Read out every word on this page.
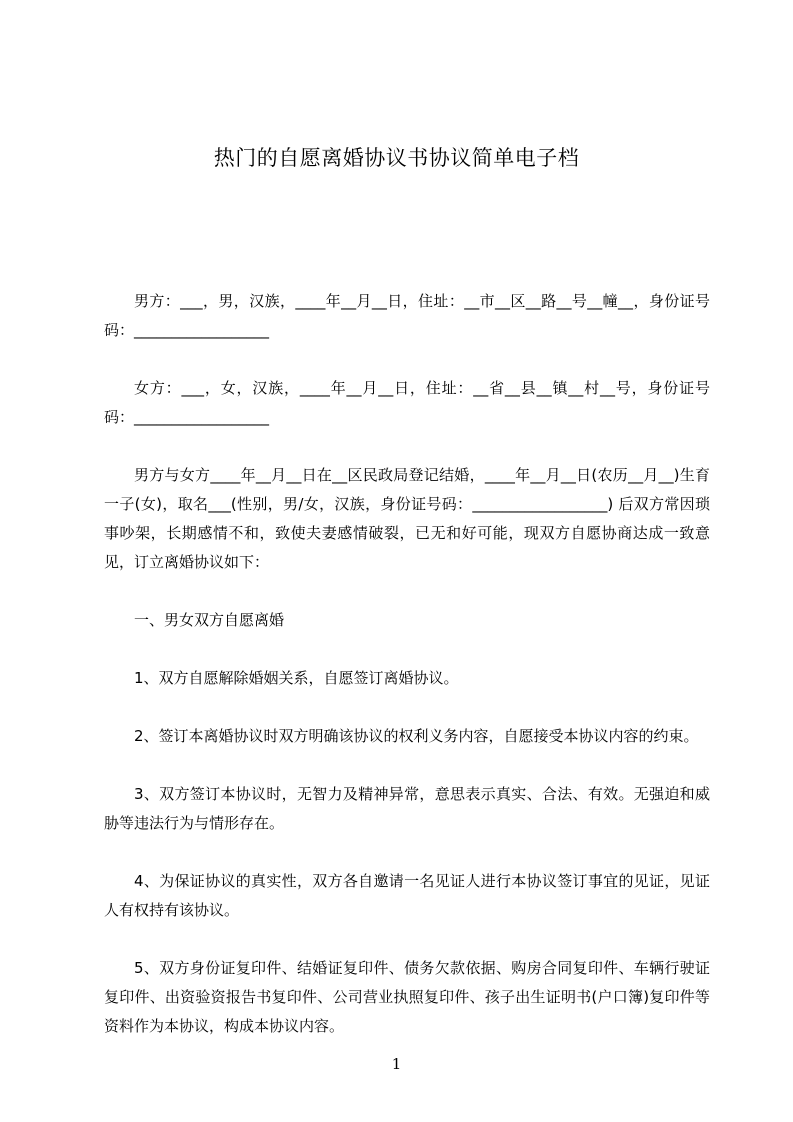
热门的自愿离婚协议书协议简单电子档

男方：___，男，汉族，____年__月__日，住址：__市__区__路__号__幢__，身份证号码：__________________

女方：___，女，汉族，____年__月__日，住址：__省__县__镇__村__号，身份证号码：__________________

男方与女方____年__月__日在__区民政局登记结婚，____年__月__日(农历__月__)生育一子(女)，取名___(性别，男/女，汉族，身份证号码：__________________) 后双方常因琐事吵架，长期感情不和，致使夫妻感情破裂，已无和好可能，现双方自愿协商达成一致意见，订立离婚协议如下：

一、男女双方自愿离婚

1、双方自愿解除婚姻关系，自愿签订离婚协议。

2、签订本离婚协议时双方明确该协议的权利义务内容，自愿接受本协议内容的约束。

3、双方签订本协议时，无智力及精神异常，意思表示真实、合法、有效。无强迫和威胁等违法行为与情形存在。

4、为保证协议的真实性，双方各自邀请一名见证人进行本协议签订事宜的见证，见证人有权持有该协议。

5、双方身份证复印件、结婚证复印件、债务欠款依据、购房合同复印件、车辆行驶证复印件、出资验资报告书复印件、公司营业执照复印件、孩子出生证明书(户口簿)复印件等资料作为本协议，构成本协议内容。

1
